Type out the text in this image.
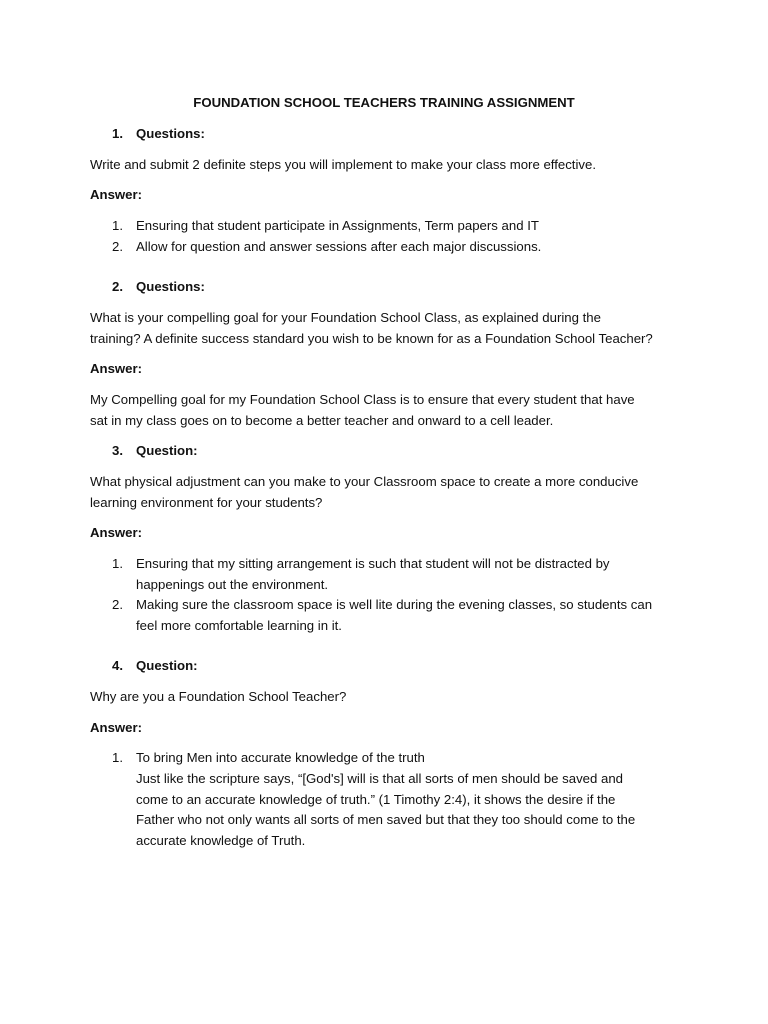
FOUNDATION SCHOOL TEACHERS TRAINING ASSIGNMENT

1. Questions:

Write and submit 2 definite steps you will implement to make your class more effective.

Answer:

1. Ensuring that student participate in Assignments, Term papers and IT
2. Allow for question and answer sessions after each major discussions.
2. Questions:

What is your compelling goal for your Foundation School Class, as explained during the

training? A definite success standard you wish to be known for as a Foundation School Teacher?

Answer:

My Compelling goal for my Foundation School Class is to ensure that every student that have

sat in my class goes on to become a better teacher and onward to a cell leader.

3. Question:

What physical adjustment can you make to your Classroom space to create a more conducive

learning environment for your students?

Answer:

1. Ensuring that my sitting arrangement is such that student will not be distracted by
happenings out the environment.
2. Making sure the classroom space is well lite during the evening classes, so students can
feel more comfortable learning in it.
4. Question:

Why are you a Foundation School Teacher?

Answer:

1. To bring Men into accurate knowledge of the truth
Just like the scripture says, “[God's] will is that all sorts of men should be saved and
come to an accurate knowledge of truth.” (1 Timothy 2:4), it shows the desire if the
Father who not only wants all sorts of men saved but that they too should come to the
accurate knowledge of Truth.
